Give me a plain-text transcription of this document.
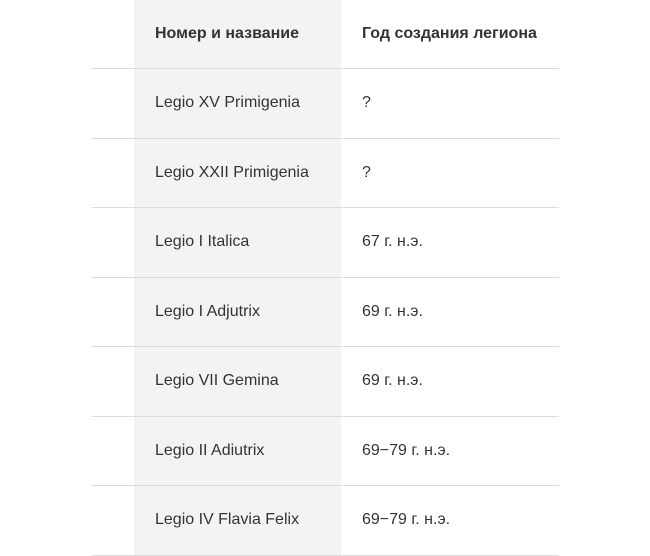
	Номер и название	Год создания легиона
	Legio XV Primigenia	?
	Legio XXII Primigenia	?
	Legio I Italica	67 г. н.э.
	Legio I Adjutrix	69 г. н.э.
	Legio VII Gemina	69 г. н.э.
	Legio II Adiutrix	69−79 г. н.э.
	Legio IV Flavia Felix	69−79 г. н.э.
